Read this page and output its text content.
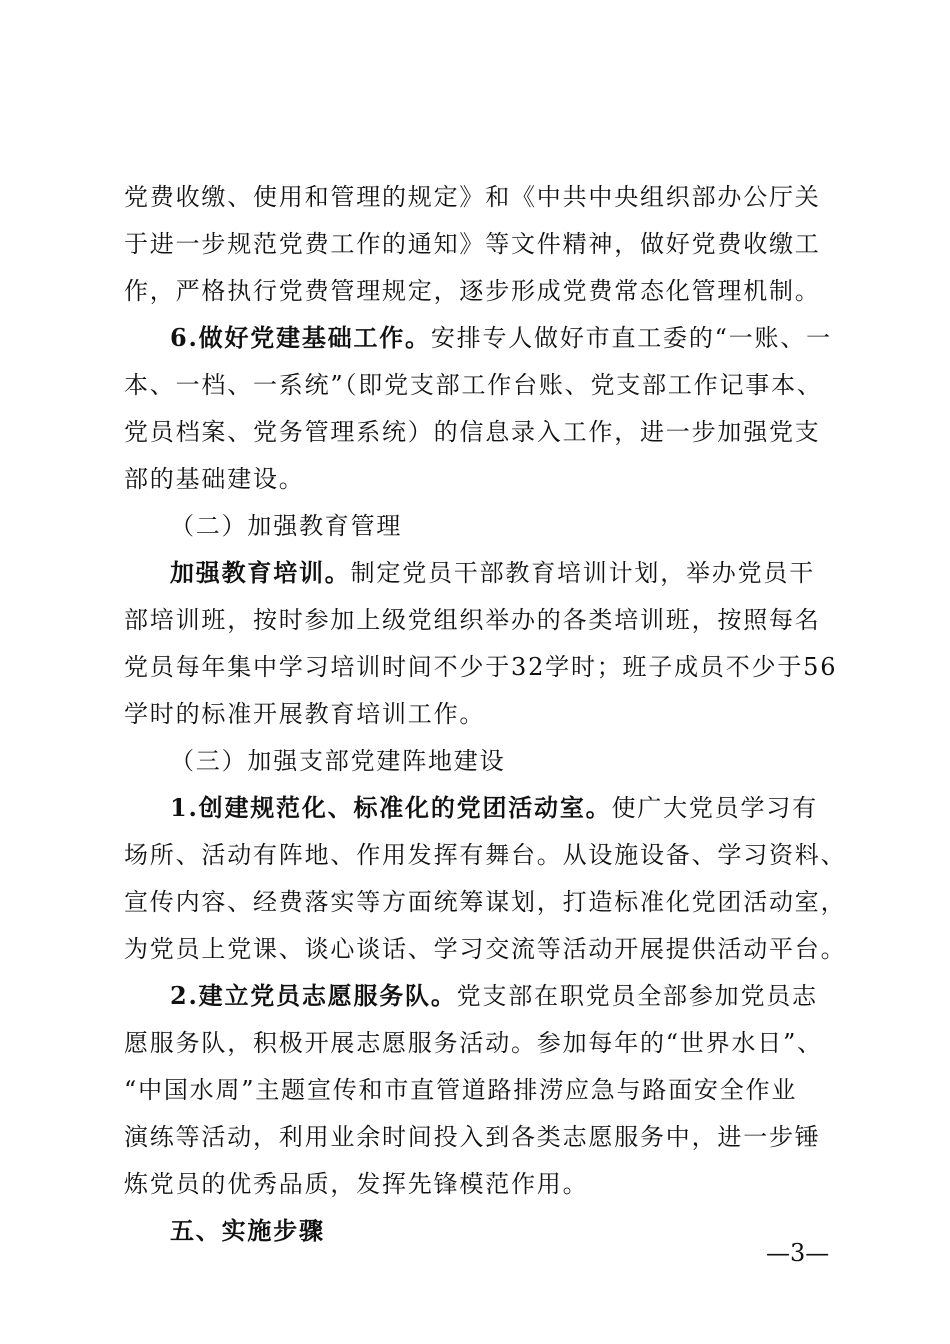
党费收缴、使用和管理的规定》和《中共中央组织部办公厅关
于进一步规范党费工作的通知》等文件精神，做好党费收缴工
作，严格执行党费管理规定，逐步形成党费常态化管理机制。
6.做好党建基础工作。安排专人做好市直工委的“一账、一
本、一档、一系统”（即党支部工作台账、党支部工作记事本、
党员档案、党务管理系统）的信息录入工作，进一步加强党支
部的基础建设。
（二）加强教育管理
加强教育培训。制定党员干部教育培训计划，举办党员干
部培训班，按时参加上级党组织举办的各类培训班，按照每名
党员每年集中学习培训时间不少于32学时；班子成员不少于56
学时的标准开展教育培训工作。
（三）加强支部党建阵地建设
1.创建规范化、标准化的党团活动室。使广大党员学习有
场所、活动有阵地、作用发挥有舞台。从设施设备、学习资料、
宣传内容、经费落实等方面统筹谋划，打造标准化党团活动室，
为党员上党课、谈心谈话、学习交流等活动开展提供活动平台。
2.建立党员志愿服务队。党支部在职党员全部参加党员志
愿服务队，积极开展志愿服务活动。参加每年的“世界水日”、
“中国水周”主题宣传和市直管道路排涝应急与路面安全作业
演练等活动，利用业余时间投入到各类志愿服务中，进一步锤
炼党员的优秀品质，发挥先锋模范作用。
五、实施步骤
—3—
